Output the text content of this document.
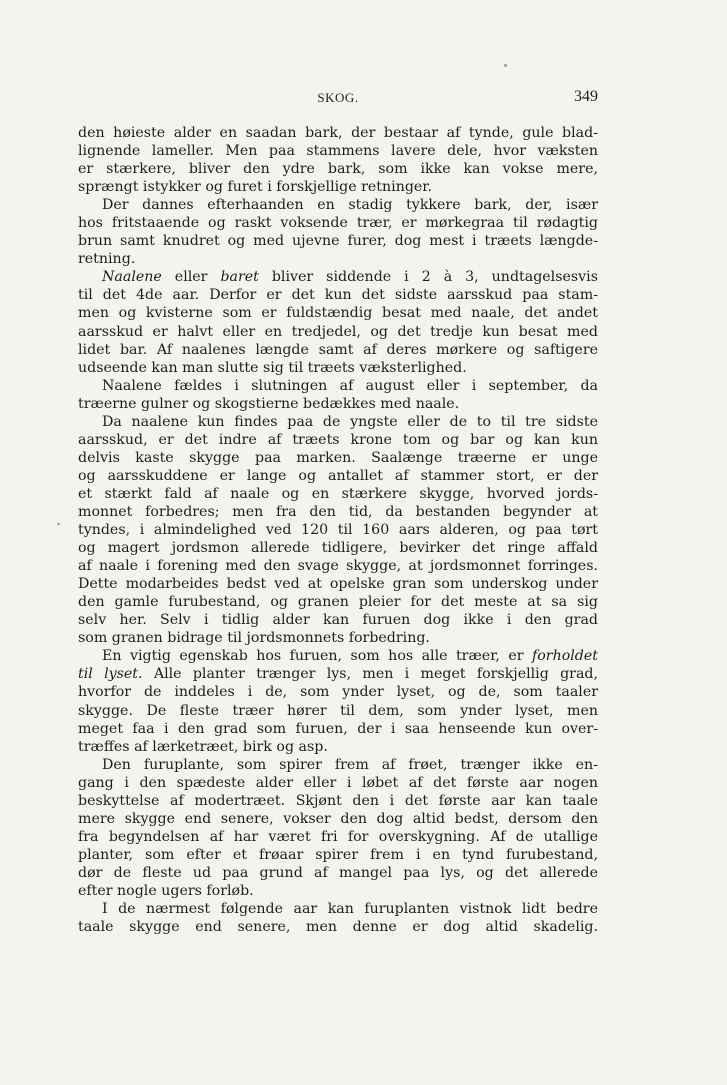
SKOG.	349
den høieste alder en saadan bark, der bestaar af tynde, gule blad-
lignende lameller. Men paa stammens lavere dele, hvor væksten
er stærkere, bliver den ydre bark, som ikke kan vokse mere,
sprængt istykker og furet i forskjellige retninger.
Der dannes efterhaanden en stadig tykkere bark, der, især
hos fritstaaende og raskt voksende trær, er mørkegraa til rødagtig
brun samt knudret og med ujevne furer, dog mest i træets længde-
retning.
Naalene eller baret bliver siddende i 2 à 3, undtagelsesvis
til det 4de aar. Derfor er det kun det sidste aarsskud paa stam-
men og kvisterne som er fuldstændig besat med naale, det andet
aarsskud er halvt eller en tredjedel, og det tredje kun besat med
lidet bar. Af naalenes længde samt af deres mørkere og saftigere
udseende kan man slutte sig til træets væksterlighed.
Naalene fældes i slutningen af august eller i september, da
træerne gulner og skogstierne bedækkes med naale.
Da naalene kun findes paa de yngste eller de to til tre sidste
aarsskud, er det indre af træets krone tom og bar og kan kun
delvis kaste skygge paa marken. Saalænge træerne er unge
og aarsskuddene er lange og antallet af stammer stort, er der
et stærkt fald af naale og en stærkere skygge, hvorved jords-
monnet forbedres; men fra den tid, da bestanden begynder at
tyndes, i almindelighed ved 120 til 160 aars alderen, og paa tørt
og magert jordsmon allerede tidligere, bevirker det ringe affald
af naale i forening med den svage skygge, at jordsmonnet forringes.
Dette modarbeides bedst ved at opelske gran som underskog under
den gamle furubestand, og granen pleier for det meste at sa sig
selv her. Selv i tidlig alder kan furuen dog ikke i den grad
som granen bidrage til jordsmonnets forbedring.
En vigtig egenskab hos furuen, som hos alle træer, er forholdet
til lyset. Alle planter trænger lys, men i meget forskjellig grad,
hvorfor de inddeles i de, som ynder lyset, og de, som taaler
skygge. De fleste træer hører til dem, som ynder lyset, men
meget faa i den grad som furuen, der i saa henseende kun over-
træffes af lærketræet, birk og asp.
Den furuplante, som spirer frem af frøet, trænger ikke en-
gang i den spædeste alder eller i løbet af det første aar nogen
beskyttelse af modertræet. Skjønt den i det første aar kan taale
mere skygge end senere, vokser den dog altid bedst, dersom den
fra begyndelsen af har været fri for overskygning. Af de utallige
planter, som efter et frøaar spirer frem i en tynd furubestand,
dør de fleste ud paa grund af mangel paa lys, og det allerede
efter nogle ugers forløb.
I de nærmest følgende aar kan furuplanten vistnok lidt bedre
taale skygge end senere, men denne er dog altid skadelig.
